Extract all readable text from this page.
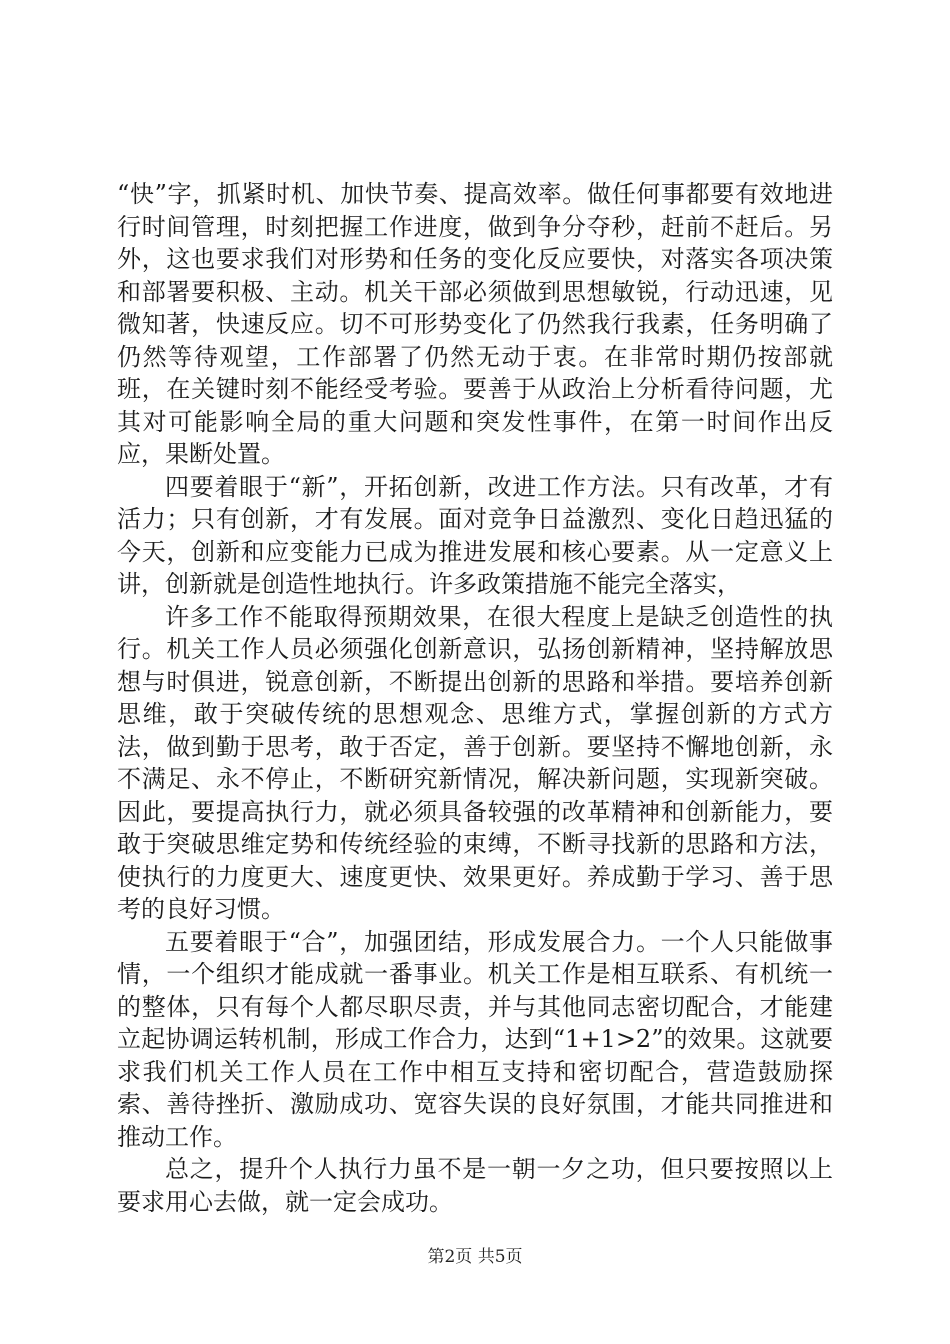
“快”字，抓紧时机、加快节奏、提高效率。做任何事都要有效地进行时间管理，时刻把握工作进度，做到争分夺秒，赶前不赶后。另外，这也要求我们对形势和任务的变化反应要快，对落实各项决策和部署要积极、主动。机关干部必须做到思想敏锐，行动迅速，见微知著，快速反应。切不可形势变化了仍然我行我素，任务明确了仍然等待观望，工作部署了仍然无动于衷。在非常时期仍按部就班，在关键时刻不能经受考验。要善于从政治上分析看待问题，尤其对可能影响全局的重大问题和突发性事件，在第一时间作出反应，果断处置。

四要着眼于“新”，开拓创新，改进工作方法。只有改革，才有活力；只有创新，才有发展。面对竞争日益激烈、变化日趋迅猛的今天，创新和应变能力已成为推进发展和核心要素。从一定意义上讲，创新就是创造性地执行。许多政策措施不能完全落实，

许多工作不能取得预期效果，在很大程度上是缺乏创造性的执行。机关工作人员必须强化创新意识，弘扬创新精神，坚持解放思想与时俱进，锐意创新，不断提出创新的思路和举措。要培养创新思维，敢于突破传统的思想观念、思维方式，掌握创新的方式方法，做到勤于思考，敢于否定，善于创新。要坚持不懈地创新，永不满足、永不停止，不断研究新情况，解决新问题，实现新突破。因此，要提高执行力，就必须具备较强的改革精神和创新能力，要敢于突破思维定势和传统经验的束缚，不断寻找新的思路和方法，使执行的力度更大、速度更快、效果更好。养成勤于学习、善于思考的良好习惯。

五要着眼于“合”，加强团结，形成发展合力。一个人只能做事情，一个组织才能成就一番事业。机关工作是相互联系、有机统一的整体，只有每个人都尽职尽责，并与其他同志密切配合，才能建立起协调运转机制，形成工作合力，达到“1+1>2”的效果。这就要求我们机关工作人员在工作中相互支持和密切配合，营造鼓励探索、善待挫折、激励成功、宽容失误的良好氛围，才能共同推进和推动工作。

总之，提升个人执行力虽不是一朝一夕之功，但只要按照以上要求用心去做，就一定会成功。

第2页 共5页
